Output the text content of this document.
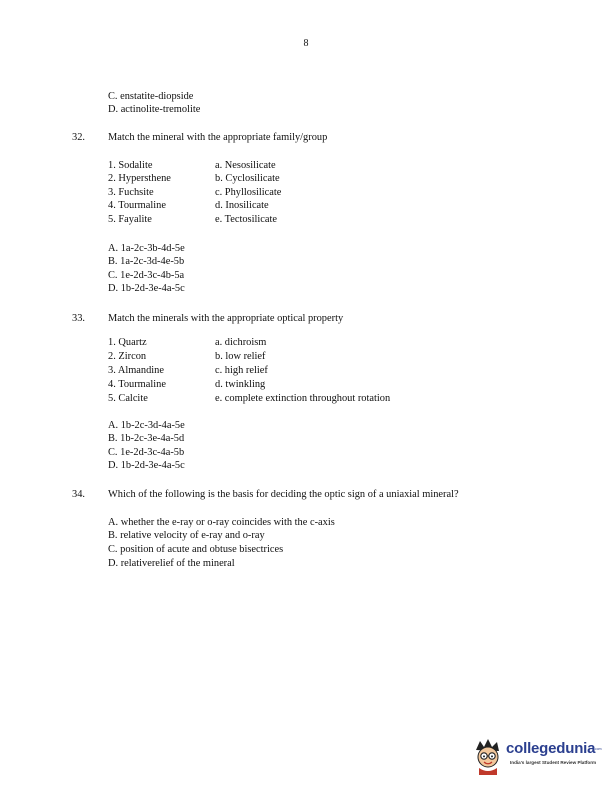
8
C. enstatite-diopside
D. actinolite-tremolite
32. Match the mineral with the appropriate family/group
1. Sodalite
2. Hypersthene
3. Fuchsite
4. Tourmaline
5. Fayalite
a. Nesosilicate
b. Cyclosilicate
c. Phyllosilicate
d. Inosilicate
e. Tectosilicate
A. 1a-2c-3b-4d-5e
B. 1a-2c-3d-4e-5b
C. 1e-2d-3c-4b-5a
D. 1b-2d-3e-4a-5c
33. Match the minerals with the appropriate optical property
1. Quartz
2. Zircon
3. Almandine
4. Tourmaline
5. Calcite
a. dichroism
b. low relief
c. high relief
d. twinkling
e. complete extinction throughout rotation
A. 1b-2c-3d-4a-5e
B. 1b-2c-3e-4a-5d
C. 1e-2d-3c-4a-5b
D. 1b-2d-3e-4a-5c
34. Which of the following is the basis for deciding the optic sign of a uniaxial mineral?
A. whether the e-ray or o-ray coincides with the c-axis
B. relative velocity of e-ray and o-ray
C. position of acute and obtuse bisectrices
D. relativerelief of the mineral
collegedunia
.com
India's largest Student Review Platform
